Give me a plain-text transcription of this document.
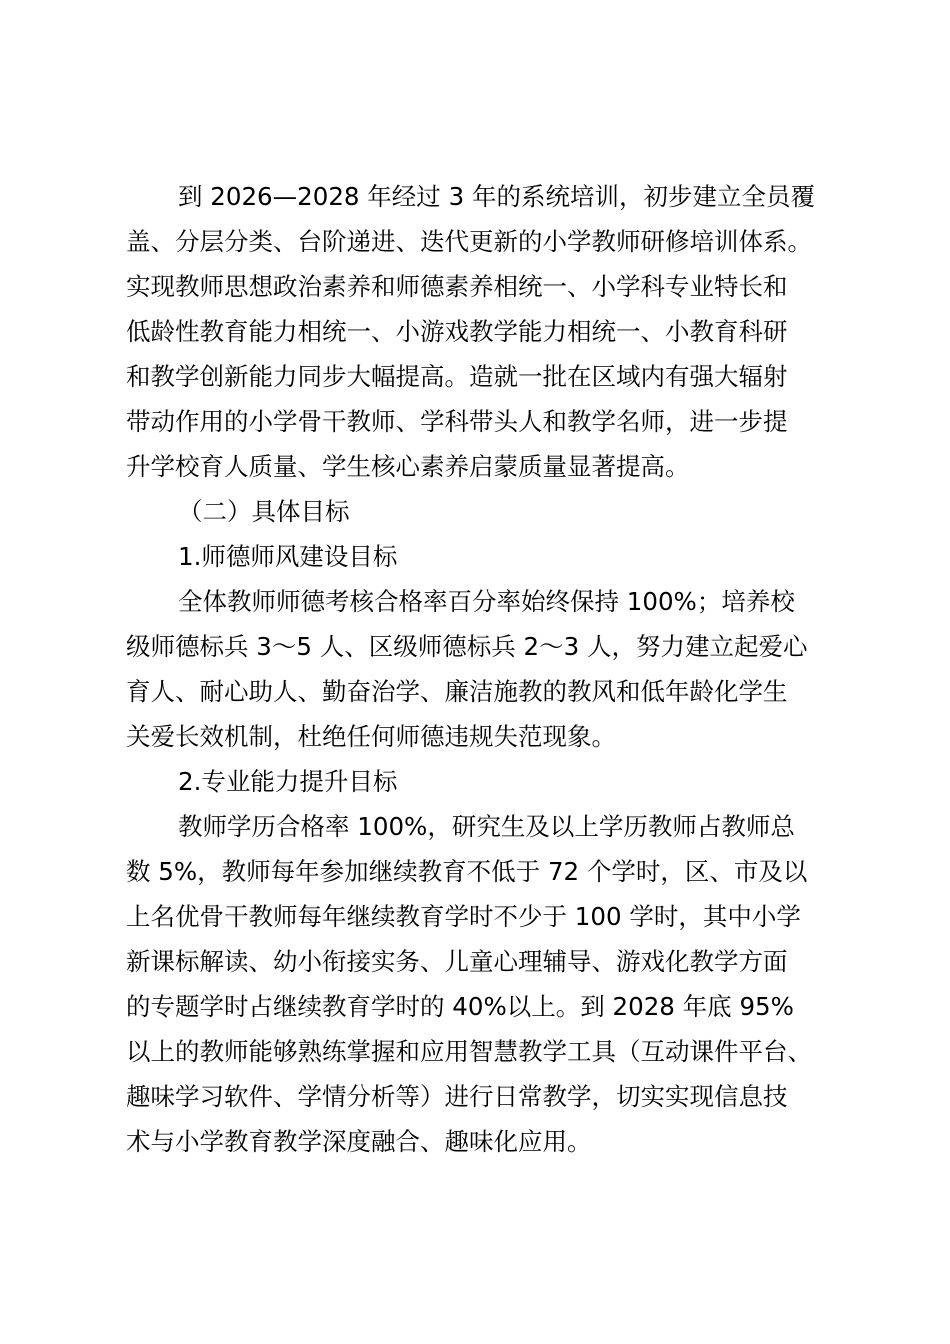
到 2026—2028 年经过 3 年的系统培训，初步建立全员覆
盖、分层分类、台阶递进、迭代更新的小学教师研修培训体系。
实现教师思想政治素养和师德素养相统一、小学科专业特长和
低龄性教育能力相统一、小游戏教学能力相统一、小教育科研
和教学创新能力同步大幅提高。造就一批在区域内有强大辐射
带动作用的小学骨干教师、学科带头人和教学名师，进一步提
升学校育人质量、学生核心素养启蒙质量显著提高。
（二）具体目标
1.师德师风建设目标
全体教师师德考核合格率百分率始终保持 100%；培养校
级师德标兵 3～5 人、区级师德标兵 2～3 人，努力建立起爱心
育人、耐心助人、勤奋治学、廉洁施教的教风和低年龄化学生
关爱长效机制，杜绝任何师德违规失范现象。
2.专业能力提升目标
教师学历合格率 100%，研究生及以上学历教师占教师总
数 5%，教师每年参加继续教育不低于 72 个学时，区、市及以
上名优骨干教师每年继续教育学时不少于 100 学时，其中小学
新课标解读、幼小衔接实务、儿童心理辅导、游戏化教学方面
的专题学时占继续教育学时的 40%以上。到 2028 年底 95%
以上的教师能够熟练掌握和应用智慧教学工具（互动课件平台、
趣味学习软件、学情分析等）进行日常教学，切实实现信息技
术与小学教育教学深度融合、趣味化应用。
